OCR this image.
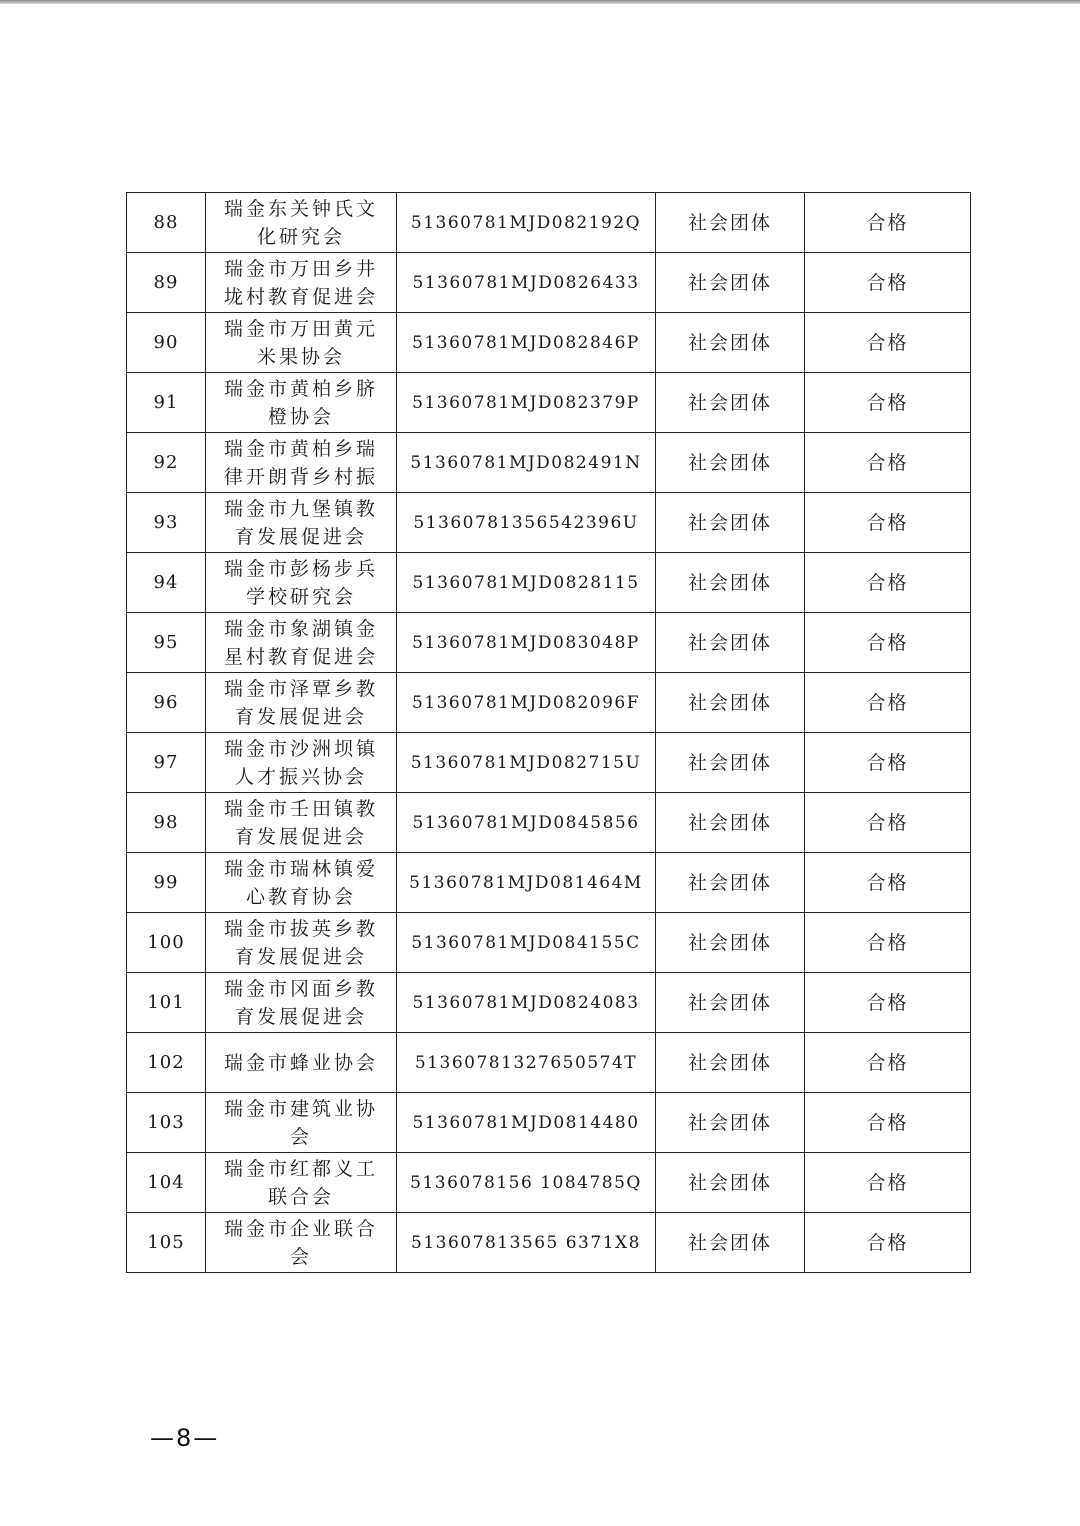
88	瑞金东关钟氏文化研究会	51360781MJD082192Q	社会团体	合格
89	瑞金市万田乡井垅村教育促进会	51360781MJD0826433	社会团体	合格
90	瑞金市万田黄元米果协会	51360781MJD082846P	社会团体	合格
91	瑞金市黄柏乡脐橙协会	51360781MJD082379P	社会团体	合格
92	瑞金市黄柏乡瑞律开朗背乡村振	51360781MJD082491N	社会团体	合格
93	瑞金市九堡镇教育发展促进会	51360781356542396U	社会团体	合格
94	瑞金市彭杨步兵学校研究会	51360781MJD0828115	社会团体	合格
95	瑞金市象湖镇金星村教育促进会	51360781MJD083048P	社会团体	合格
96	瑞金市泽覃乡教育发展促进会	51360781MJD082096F	社会团体	合格
97	瑞金市沙洲坝镇人才振兴协会	51360781MJD082715U	社会团体	合格
98	瑞金市壬田镇教育发展促进会	51360781MJD0845856	社会团体	合格
99	瑞金市瑞林镇爱心教育协会	51360781MJD081464M	社会团体	合格
100	瑞金市拔英乡教育发展促进会	51360781MJD084155C	社会团体	合格
101	瑞金市冈面乡教育发展促进会	51360781MJD0824083	社会团体	合格
102	瑞金市蜂业协会	51360781327650574T	社会团体	合格
103	瑞金市建筑业协会	51360781MJD0814480	社会团体	合格
104	瑞金市红都义工联合会	5136078156 1084785Q	社会团体	合格
105	瑞金市企业联合会	513607813565 6371X8	社会团体	合格
—8—
